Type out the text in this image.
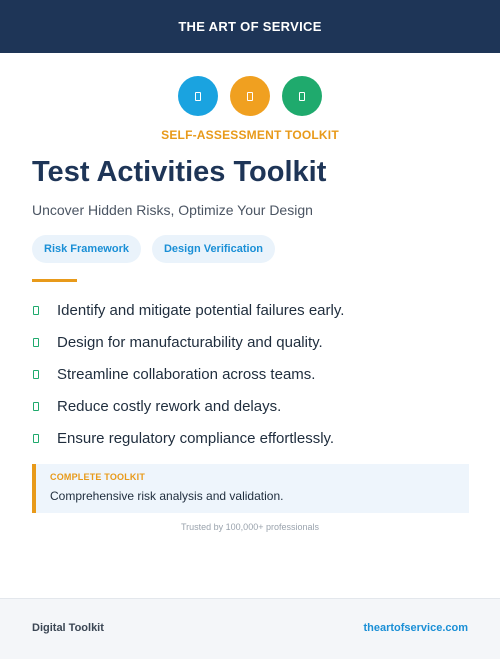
THE ART OF SERVICE
SELF-ASSESSMENT TOOLKIT
Test Activities Toolkit
Uncover Hidden Risks, Optimize Your Design
Risk Framework	Design Verification
Identify and mitigate potential failures early.
Design for manufacturability and quality.
Streamline collaboration across teams.
Reduce costly rework and delays.
Ensure regulatory compliance effortlessly.
COMPLETE TOOLKIT
Comprehensive risk analysis and validation.
Trusted by 100,000+ professionals
Digital Toolkit	theartofservice.com
